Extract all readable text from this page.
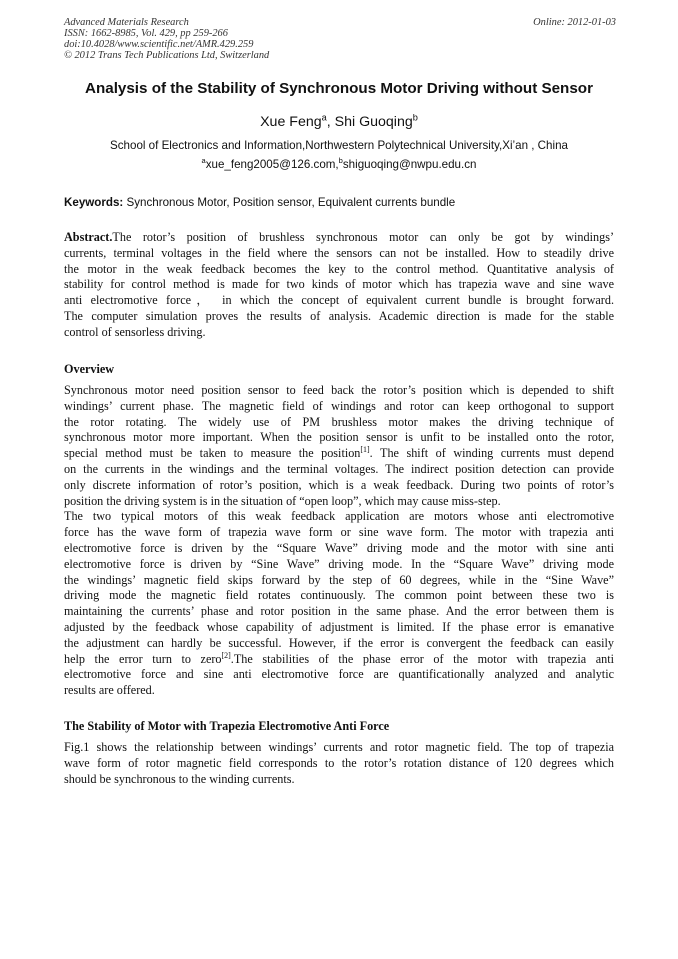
Advanced Materials Research
ISSN: 1662-8985, Vol. 429, pp 259-266
doi:10.4028/www.scientific.net/AMR.429.259
© 2012 Trans Tech Publications Ltd, Switzerland
Online: 2012-01-03
Analysis of the Stability of Synchronous Motor Driving without Sensor
Xue Feng$^a$, Shi Guoqing$^b$
School of Electronics and Information,Northwestern Polytechnical University,Xi’an , China
$^a$xue_feng2005@126.com,$^b$shiguoqing@nwpu.edu.cn
Keywords: Synchronous Motor, Position sensor, Equivalent currents bundle
Abstract.The rotor’s position of brushless synchronous motor can only be got by windings’
currents, terminal voltages in the field where the sensors can not be installed. How to steadily drive
the motor in the weak feedback becomes the key to the control method. Quantitative analysis of
stability for control method is made for two kinds of motor which has trapezia wave and sine wave
anti electromotive force， in which the concept of equivalent current bundle is brought forward.
The computer simulation proves the results of analysis. Academic direction is made for the stable
control of sensorless driving.
Overview
Synchronous motor need position sensor to feed back the rotor’s position which is depended to shift
windings’ current phase. The magnetic field of windings and rotor can keep orthogonal to support
the rotor rotating. The widely use of PM brushless motor makes the driving technique of
synchronous motor more important. When the position sensor is unfit to be installed onto the rotor,
special method must be taken to measure the position[1]. The shift of winding currents must depend
on the currents in the windings and the terminal voltages. The indirect position detection can provide
only discrete information of rotor’s position, which is a weak feedback. During two points of rotor’s
position the driving system is in the situation of “open loop”, which may cause miss-step.
The two typical motors of this weak feedback application are motors whose anti electromotive
force has the wave form of trapezia wave form or sine wave form. The motor with trapezia anti
electromotive force is driven by the “Square Wave” driving mode and the motor with sine anti
electromotive force is driven by “Sine Wave” driving mode. In the “Square Wave” driving mode
the windings’ magnetic field skips forward by the step of 60 degrees, while in the “Sine Wave”
driving mode the magnetic field rotates continuously. The common point between these two is
maintaining the currents’ phase and rotor position in the same phase. And the error between them is
adjusted by the feedback whose capability of adjustment is limited. If the phase error is emanative
the adjustment can hardly be successful. However, if the error is convergent the feedback can easily
help the error turn to zero[2].The stabilities of the phase error of the motor with trapezia anti
electromotive force and sine anti electromotive force are quantificationally analyzed and analytic
results are offered.
The Stability of Motor with Trapezia Electromotive Anti Force
Fig.1 shows the relationship between windings’ currents and rotor magnetic field. The top of trapezia
wave form of rotor magnetic field corresponds to the rotor’s rotation distance of 120 degrees which
should be synchronous to the winding currents.
